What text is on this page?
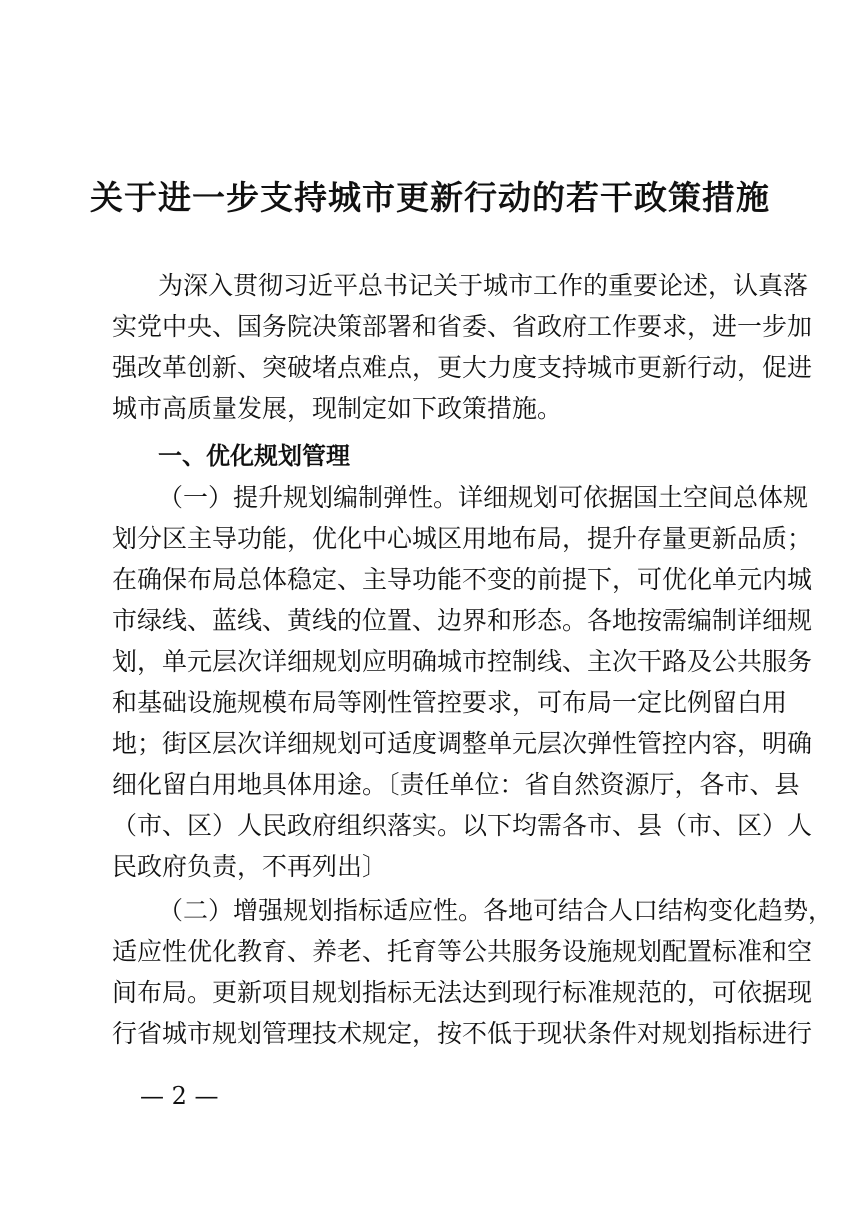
关于进一步支持城市更新行动的若干政策措施
为深入贯彻习近平总书记关于城市工作的重要论述，认真落
实党中央、国务院决策部署和省委、省政府工作要求，进一步加
强改革创新、突破堵点难点，更大力度支持城市更新行动，促进
城市高质量发展，现制定如下政策措施。
一、优化规划管理
（一）提升规划编制弹性。详细规划可依据国土空间总体规
划分区主导功能，优化中心城区用地布局，提升存量更新品质；
在确保布局总体稳定、主导功能不变的前提下，可优化单元内城
市绿线、蓝线、黄线的位置、边界和形态。各地按需编制详细规
划，单元层次详细规划应明确城市控制线、主次干路及公共服务
和基础设施规模布局等刚性管控要求，可布局一定比例留白用
地；街区层次详细规划可适度调整单元层次弹性管控内容，明确
细化留白用地具体用途。〔责任单位：省自然资源厅，各市、县
（市、区）人民政府组织落实。以下均需各市、县（市、区）人
民政府负责，不再列出〕
（二）增强规划指标适应性。各地可结合人口结构变化趋势，
适应性优化教育、养老、托育等公共服务设施规划配置标准和空
间布局。更新项目规划指标无法达到现行标准规范的，可依据现
行省城市规划管理技术规定，按不低于现状条件对规划指标进行
— 2 —
